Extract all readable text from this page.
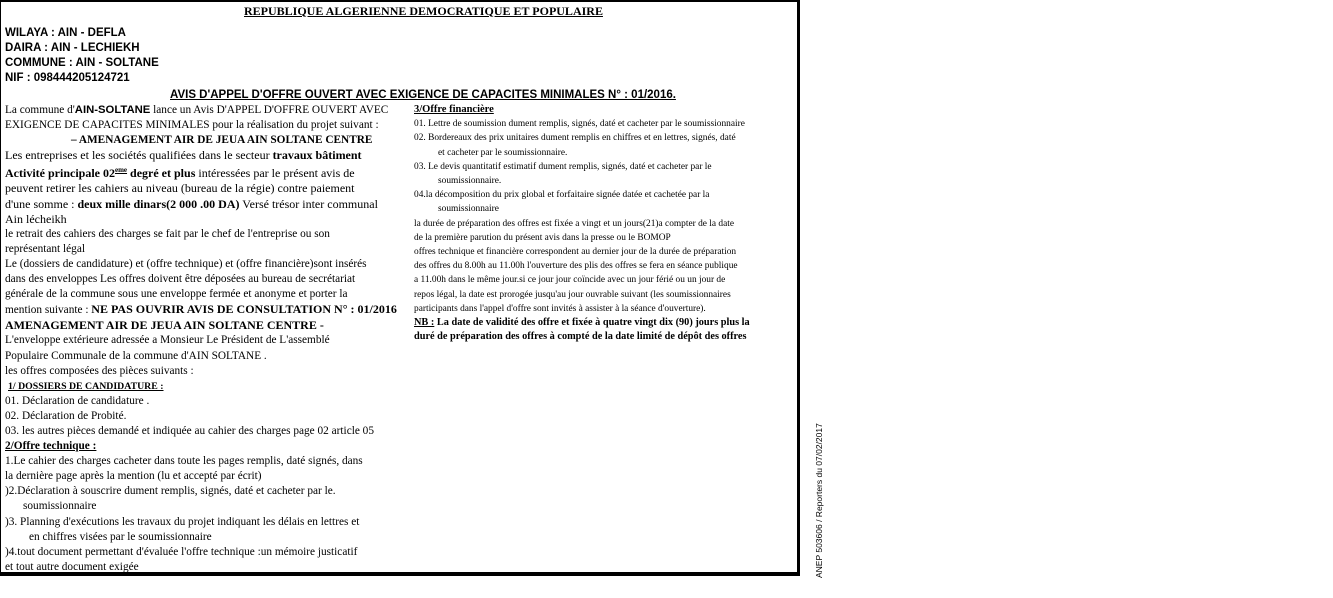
REPUBLIQUE ALGERIENNE DEMOCRATIQUE ET POPULAIRE
WILAYA : AIN - DEFLA
DAIRA : AIN - LECHIEKH
COMMUNE : AIN - SOLTANE
NIF : 098444205124721
AVIS D'APPEL D'OFFRE OUVERT AVEC EXIGENCE DE CAPACITES MINIMALES N° : 01/2016.
La commune d'AIN-SOLTANE lance un Avis D'APPEL D'OFFRE OUVERT AVEC
EXIGENCE DE CAPACITES MINIMALES pour la réalisation du projet suivant :
– AMENAGEMENT AIR DE JEUA AIN SOLTANE CENTRE
Les entreprises et les sociétés qualifiées dans le secteur travaux bâtiment
Activité principale 02eme degré et plus intéressées par le présent avis de
peuvent retirer les cahiers au niveau (bureau de la régie) contre paiement
d'une somme : deux mille dinars(2 000 .00 DA) Versé trésor inter communal
Ain lécheikh
le retrait des cahiers des charges se fait par le chef de l'entreprise ou son
représentant légal
Le (dossiers de candidature) et (offre technique) et (offre financière)sont insérés
dans des enveloppes Les offres doivent être déposées au bureau de secrétariat
générale de la commune sous une enveloppe fermée et anonyme et porter la
mention suivante : NE PAS OUVRIR AVIS DE CONSULTATION N° : 01/2016
AMENAGEMENT AIR DE JEUA AIN SOLTANE CENTRE -
L'enveloppe extérieure adressée a Monsieur Le Président de L'assemblé
Populaire Communale de la commune d'AIN SOLTANE .
les offres composées des pièces suivants :
1/ DOSSIERS DE CANDIDATURE :
01. Déclaration de candidature .
02. Déclaration de Probité.
03. les autres pièces demandé et indiquée au cahier des charges page 02 article 05
2/Offre technique :
1.Le cahier des charges cacheter dans toute les pages remplis, daté signés, dans
la dernière page après la mention (lu et accepté par écrit)
)2.Déclaration à souscrire dument remplis, signés, daté et cacheter par le.
soumissionnaire
)3. Planning d'exécutions les travaux du projet indiquant les délais en lettres et
en chiffres visées par le soumissionnaire
)4.tout document permettant d'évaluée l'offre technique :un mémoire justicatif
et tout autre document exigée
3/Offre financière
01. Lettre de soumission dument remplis, signés, daté et cacheter par le soumissionnaire
02. Bordereaux des prix unitaires dument remplis en chiffres et en lettres, signés, daté
et cacheter par le soumissionnaire.
03. Le devis quantitatif estimatif dument remplis, signés, daté et cacheter par le
soumissionnaire.
04.la décomposition du prix global et forfaitaire signée datée et cachetée par la
soumissionnaire
la durée de préparation des offres est fixée a vingt et un jours(21)a compter de la date
de la première parution du présent avis dans la presse ou le BOMOP
offres technique et financière correspondent au dernier jour de la durée de préparation
des offres du 8.00h au 11.00h l'ouverture des plis des offres se fera en séance publique
a 11.00h dans le même jour.si ce jour jour coïncide avec un jour férié ou un jour de
repos légal, la date est prorogée jusqu'au jour ouvrable suivant (les soumissionnaires
participants dans l'appel d'offre sont invités à assister à la séance d'ouverture).
NB : La date de validité des offre et fixée à quatre vingt dix (90) jours plus la
duré de préparation des offres à compté de la date limité de dépôt des offres
ANEP 503606 / Reporters du 07/02/2017
